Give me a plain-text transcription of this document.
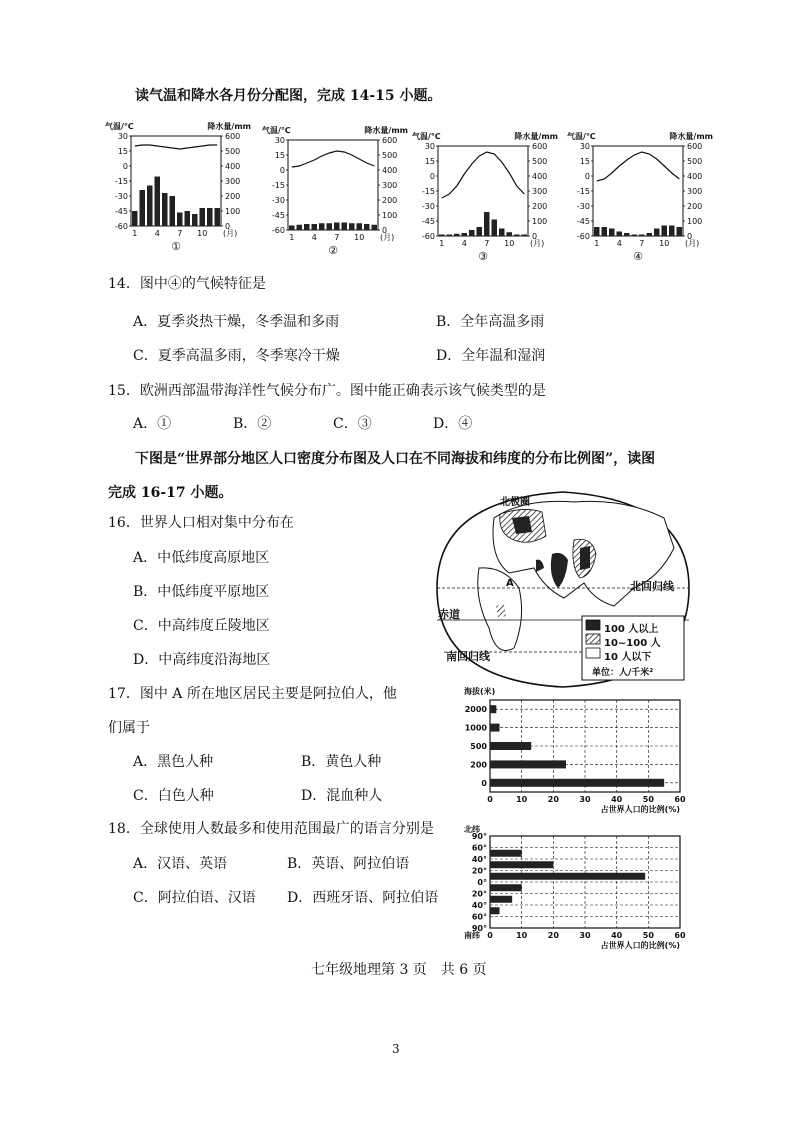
读气温和降水各月份分配图，完成 14-15 小题。
气温/℃	降水量/mm
30	600
15	500
0	400
-15	300
-30	200
-45	100
-60	0
1 4 7 10 (月)
①
气温/℃	降水量/mm
30	600
15	500
0	400
-15	300
-30	200
-45	100
-60	0
1 4 7 10 (月)
②
气温/℃	降水量/mm
30	600
15	500
0	400
-15	300
-30	200
-45	100
-60	0
1 4 7 10 (月)
③
气温/℃	降水量/mm
30	600
15	500
0	400
-15	300
-30	200
-45	100
-60	0
1 4 7 10 (月)
④
14．图中④的气候特征是
A．夏季炎热干燥，冬季温和多雨	B．全年高温多雨
C．夏季高温多雨，冬季寒冷干燥	D．全年温和湿润
15．欧洲西部温带海洋性气候分布广。图中能正确表示该气候类型的是
A．①	B．②	C．③	D．④
下图是“世界部分地区人口密度分布图及人口在不同海拔和纬度的分布比例图”，读图
完成 16-17 小题。
16．世界人口相对集中分布在
A．中低纬度高原地区
B．中低纬度平原地区
C．中高纬度丘陵地区
D．中高纬度沿海地区
17．图中 A 所在地区居民主要是阿拉伯人，他
们属于
A．黑色人种	B．黄色人种
C．白色人种	D．混血种人
18．全球使用人数最多和使用范围最广的语言分别是
A．汉语、英语	B．英语、阿拉伯语
C．阿拉伯语、汉语 D．西班牙语、阿拉伯语
北极圈
北回归线
赤道
南回归线
A
100 人以上
10~100 人
10 人以下
单位：人/千米²
海拔(米)
0	10	20	30	40	50	60
2000
1000
500
200
0
占世界人口的比例(%)
北纬
0	10	20	30	40	50	60
90°
60°
40°
20°
0°
20°
40°
60°
90°
占世界人口的比例(%)
南纬
七年级地理第 3 页　共 6 页
3
